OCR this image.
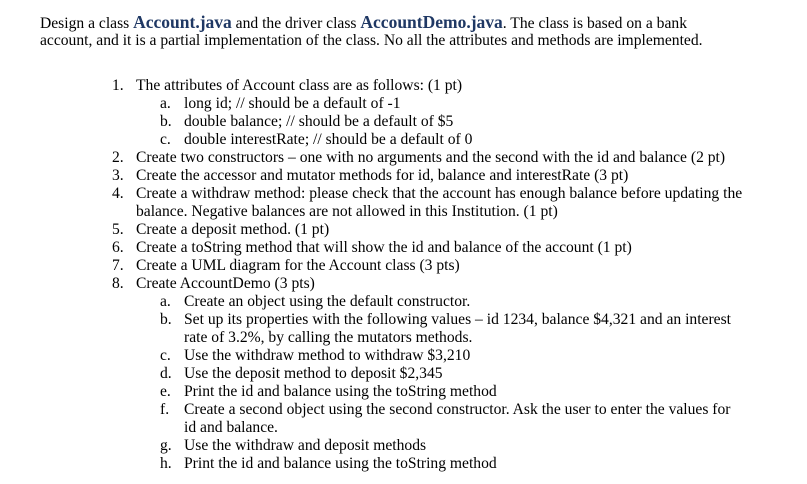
Design a class Account.java and the driver class AccountDemo.java. The class is based on a bank
account, and it is a partial implementation of the class. No all the attributes and methods are implemented.
1. The attributes of Account class are as follows: (1 pt)
a. long id; // should be a default of -1
b. double balance; // should be a default of $5
c. double interestRate; // should be a default of 0
2. Create two constructors – one with no arguments and the second with the id and balance (2 pt)
3. Create the accessor and mutator methods for id, balance and interestRate (3 pt)
4. Create a withdraw method: please check that the account has enough balance before updating the
balance. Negative balances are not allowed in this Institution. (1 pt)
5. Create a deposit method. (1 pt)
6. Create a toString method that will show the id and balance of the account (1 pt)
7. Create a UML diagram for the Account class (3 pts)
8. Create AccountDemo (3 pts)
a. Create an object using the default constructor.
b. Set up its properties with the following values – id 1234, balance $4,321 and an interest
rate of 3.2%, by calling the mutators methods.
c. Use the withdraw method to withdraw $3,210
d. Use the deposit method to deposit $2,345
e. Print the id and balance using the toString method
f. Create a second object using the second constructor. Ask the user to enter the values for
id and balance.
g. Use the withdraw and deposit methods
h. Print the id and balance using the toString method
